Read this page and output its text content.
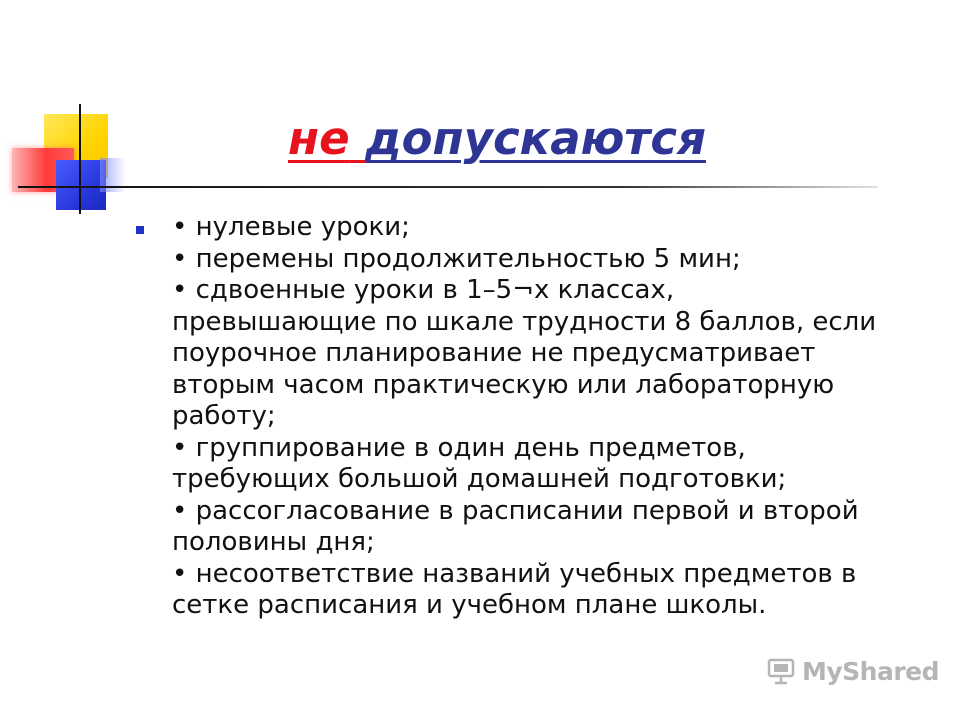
не допускаются
• нулевые уроки;
• перемены продолжительностью 5 мин;
• сдвоенные уроки в 1–5¬х классах,
превышающие по шкале трудности 8 баллов, если
поурочное планирование не предусматривает
вторым часом практическую или лабораторную
работу;
• группирование в один день предметов,
требующих большой домашней подготовки;
• рассогласование в расписании первой и второй
половины дня;
• несоответствие названий учебных предметов в
сетке расписания и учебном плане школы.
MyShared
